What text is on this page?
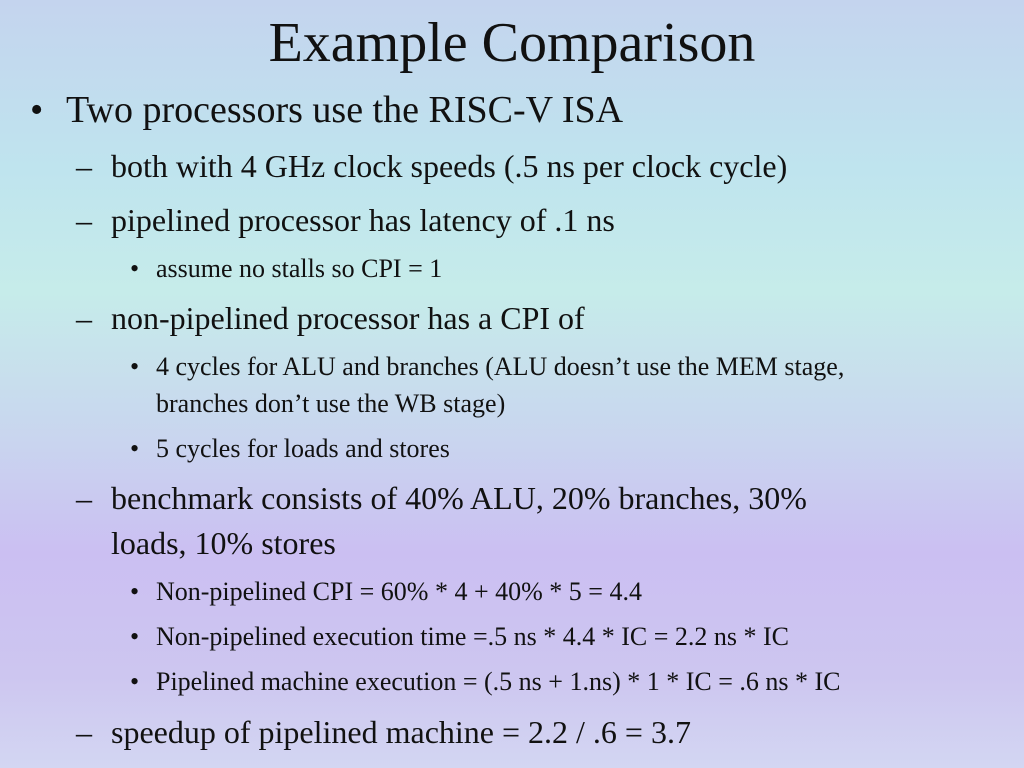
Example Comparison
• Two processors use the RISC-V ISA
– both with 4 GHz clock speeds (.5 ns per clock cycle)
– pipelined processor has latency of .1 ns
• assume no stalls so CPI = 1
– non-pipelined processor has a CPI of
• 4 cycles for ALU and branches (ALU doesn’t use the MEM stage,
branches don’t use the WB stage)
• 5 cycles for loads and stores
– benchmark consists of 40% ALU, 20% branches, 30%
loads, 10% stores
• Non-pipelined CPI = 60% * 4 + 40% * 5 = 4.4
• Non-pipelined execution time =.5 ns * 4.4 * IC = 2.2 ns * IC
• Pipelined machine execution = (.5 ns + 1.ns) * 1 * IC = .6 ns * IC
– speedup of pipelined machine = 2.2 / .6 = 3.7
